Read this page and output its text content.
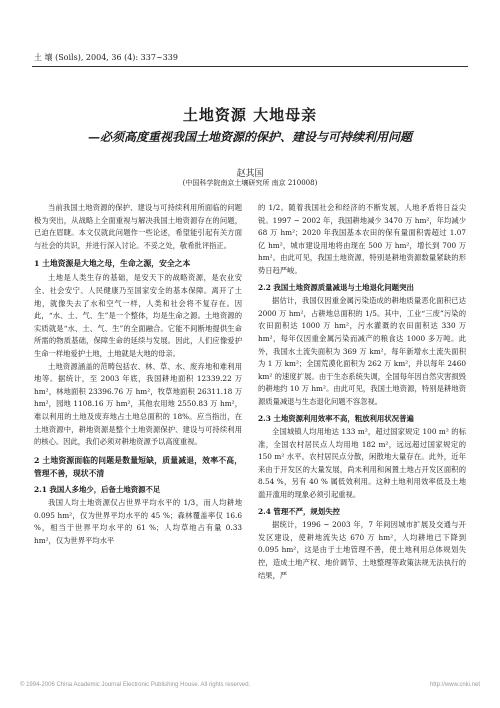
土 壤 (Soils), 2004, 36 (4): 337~339
土地资源 大地母亲
—必须高度重视我国土地资源的保护、建设与可持续利用问题
赵其国
(中国科学院南京土壤研究所 南京 210008)

当前我国土地资源的保护、建设与可持续利用所面临的问题极为突出，从战略上全面重视与解决我国土地资源存在的问题，已迫在眉睫。本文仅就此问题作一些论述，希望能引起有关方面与社会的共识，并进行深入讨论。不妥之处，敬希批评指正。

1 土地资源是大地之母，生命之源，安全之本

土地是人类生存的基础，是安天下的战略资源，是农业安全、社会安宁、人民健康乃至国家安全的基本保障。离开了土地，就像失去了水和空气一样，人类和社会将不复存在。因此，“水、土、气、生”是一个整体，均是生命之源。土地资源的实质就是“水、土、气、生”的全面融合。它能不间断地提供生命所需的物质基础，保障生命的延续与发展。因此，人们应像爱护生命一样地爱护土地，土地就是大地的母亲。

土地资源涵盖的范畴包括农、林、草、水、废弃地和难利用地等。据统计，至 2003 年底，我国耕地面积 12339.22 万 hm²，林地面积 23396.76 万 hm²，牧草地面积 26311.18 万 hm²，园地 1108.16 万 hm²，其他农用地 2550.83 万 hm²，难以利用的土地及废弃地占土地总面积的 18%。应当指出，在土地资源中，耕地资源是整个土地资源保护、建设与可持续利用的核心。因此，我们必须对耕地资源予以高度重视。

2 土地资源面临的问题是数量短缺，质量减退，效率不高，管理不善，现状不清
2.1 我国人多地少，后备土地资源不足

我国人均土地资源仅占世界平均水平的 1/3，而人均耕地 0.095 hm²，仅为世界平均水平的 45 %；森林覆盖率仅 16.6 %，相当于世界平均水平的 61 %；人均草地占有量 0.33 hm²，仅为世界平均水平

的 1/2。随着我国社会和经济的不断发展，人地矛盾将日益尖锐。1997 ~ 2002 年，我国耕地减少 3470 万 hm²，年均减少 68 万 hm²；2020 年我国基本农田的保有量面积需超过 1.07 亿 hm²，城市建设用地将由现在 500 万 hm²，增长到 700 万 hm²。由此可见，我国土地资源，特别是耕地资源数量紧缺的形势日趋严峻。

2.2 我国土地资源质量减退与土地退化问题突出

据估计，我国仅因重金属污染造成的耕地质量恶化面积已达 2000 万 hm²，占耕地总面积的 1/5。其中，工业“三废”污染的农田面积达 1000 万 hm²，污水灌溉的农田面积达 330 万 hm²，每年仅因重金属污染而减产的粮食达 1000 多万吨。此外，我国水土流失面积为 369 万 km²，每年新增水土流失面积为 1 万 km²；全国荒漠化面积为 262 万 km²，并以每年 2460 km² 的速度扩展。由于生态系统失调，全国每年因自然灾害损毁的耕地约 10 万 hm²。由此可见，我国土地资源，特别是耕地资源质量减退与生态退化问题不容忽视。

2.3 土地资源利用效率不高，粗放利用状况普遍

全国城镇人均用地达 133 m²，超过国家规定 100 m² 的标准，全国农村居民点人均用地 182 m²，远远超过国家规定的 150 m² 水平。农村居民点分散，闲散地大量存在。此外，近年来由于开发区的大量发展，尚未利用和闲置土地占开发区面积的 8.54 %，另有 40 % 属低效利用。这种土地利用效率低及土地滥开滥用的现象必须引起重视。

2.4 管理不严，规划失控

据统计，1996 ~ 2003 年，7 年间因城市扩展及交通与开发区建设，使耕地流失达 670 万 hm²，人均耕地已下降到 0.095 hm²，这是由于土地管理不善，使土地利用总体规划失控，造成土地产权、地价调节、土地整理等政策法规无法执行的结果，严

© 1994-2006 China Academic Journal Electronic Publishing House. All rights reserved.	http://www.cnki.net
